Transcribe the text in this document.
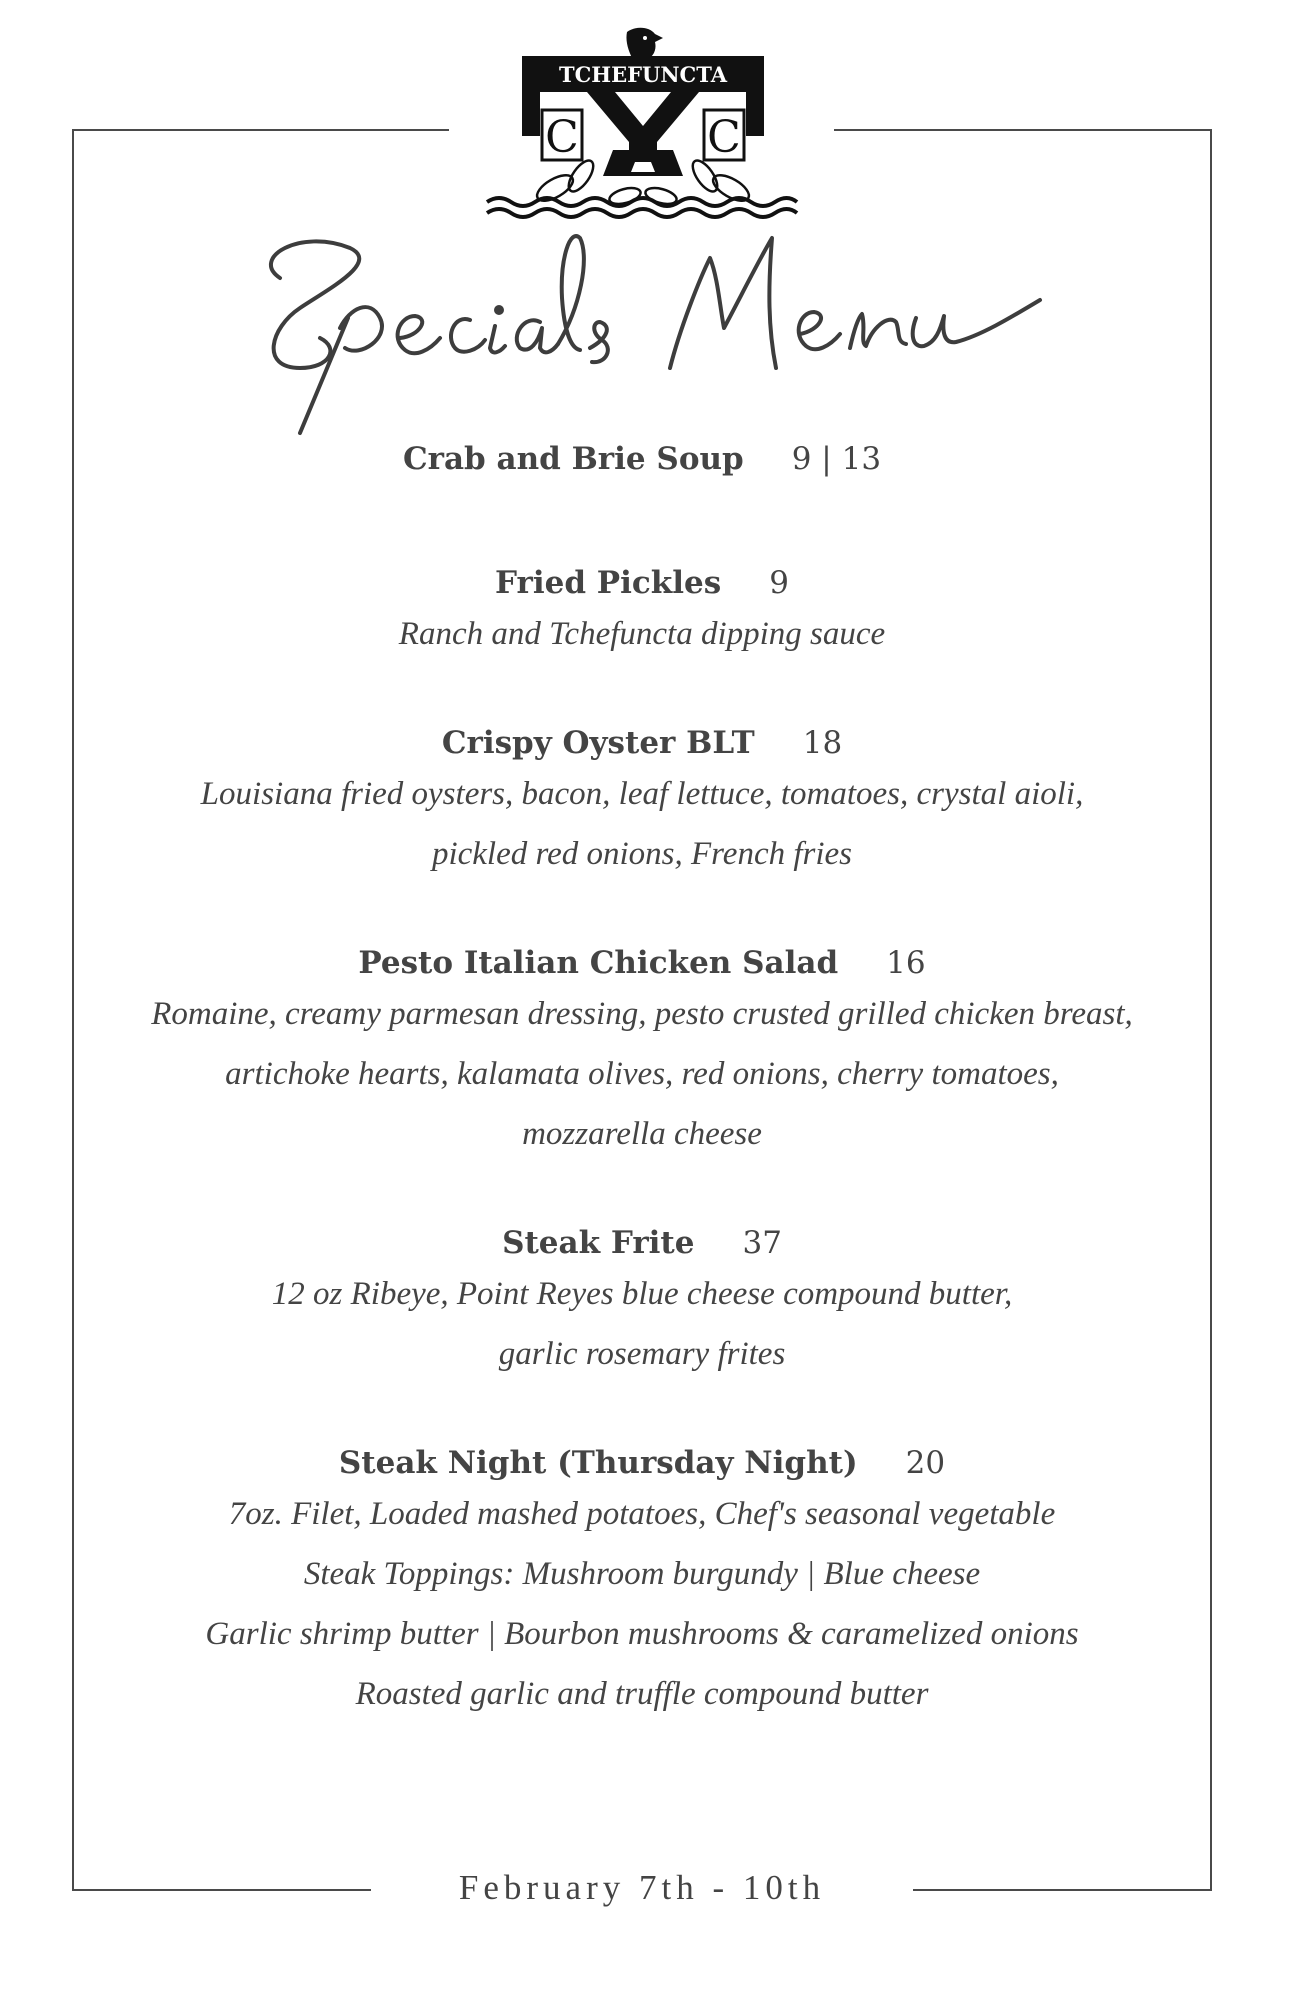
TCHEFUNCTA
C	C
Crab and Brie Soup 9 | 13
Fried Pickles 9
Ranch and Tchefuncta dipping sauce
Crispy Oyster BLT 18
Louisiana fried oysters, bacon, leaf lettuce, tomatoes, crystal aioli,
pickled red onions, French fries
Pesto Italian Chicken Salad 16
Romaine, creamy parmesan dressing, pesto crusted grilled chicken breast,
artichoke hearts, kalamata olives, red onions, cherry tomatoes,
mozzarella cheese
Steak Frite 37
12 oz Ribeye, Point Reyes blue cheese compound butter,
garlic rosemary frites
Steak Night (Thursday Night) 20
7oz. Filet, Loaded mashed potatoes, Chef's seasonal vegetable
Steak Toppings: Mushroom burgundy | Blue cheese
Garlic shrimp butter | Bourbon mushrooms & caramelized onions
Roasted garlic and truffle compound butter
February 7th - 10th
